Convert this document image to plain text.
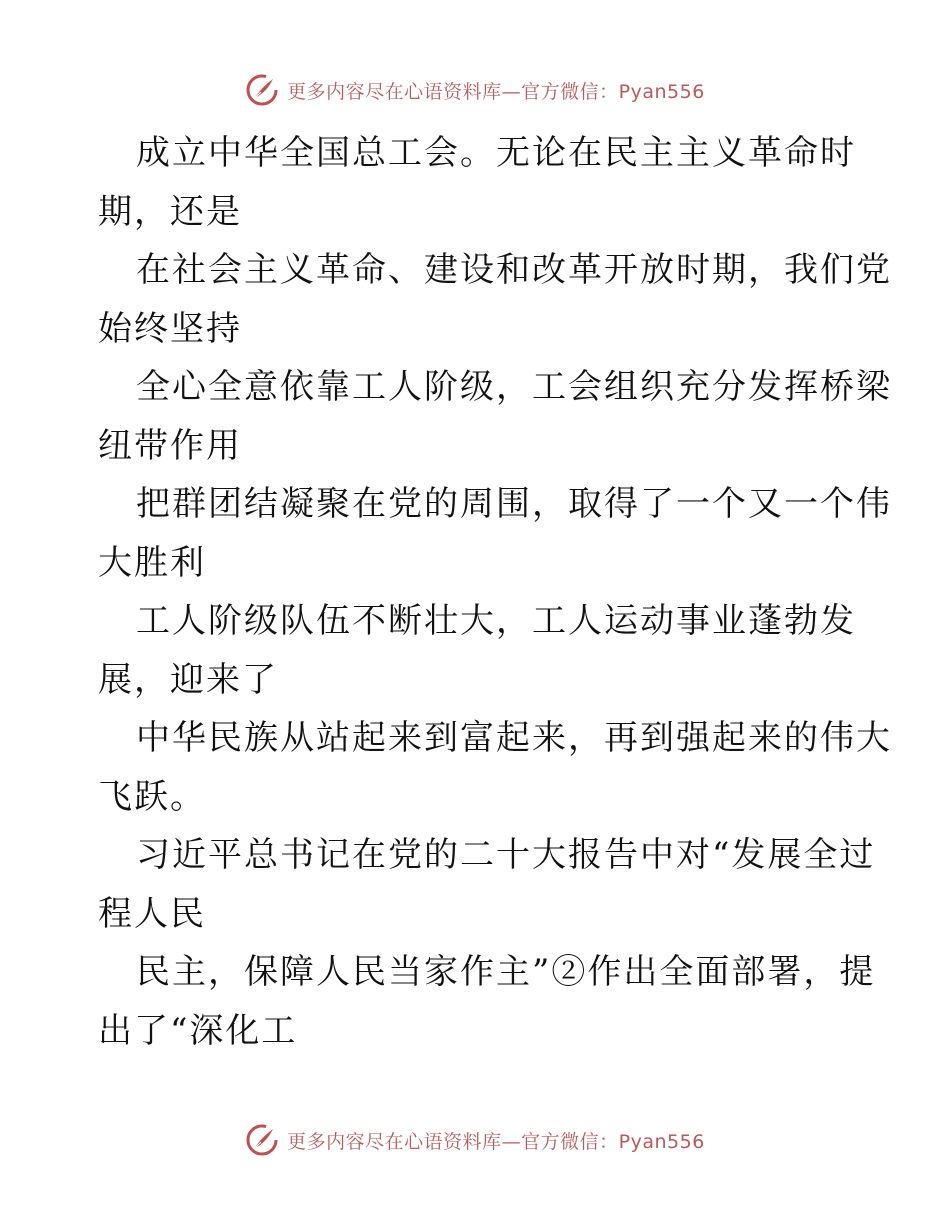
更多内容尽在心语资料库—官方微信：Pyan556
成立中华全国总工会。无论在民主主义革命时
期，还是
在社会主义革命、建设和改革开放时期，我们党
始终坚持
全心全意依靠工人阶级，工会组织充分发挥桥梁
纽带作用
把群团结凝聚在党的周围，取得了一个又一个伟
大胜利
工人阶级队伍不断壮大，工人运动事业蓬勃发
展，迎来了
中华民族从站起来到富起来，再到强起来的伟大
飞跃。
习近平总书记在党的二十大报告中对“发展全过
程人民
民主，保障人民当家作主”②作出全面部署，提
出了“深化工
更多内容尽在心语资料库—官方微信：Pyan556
